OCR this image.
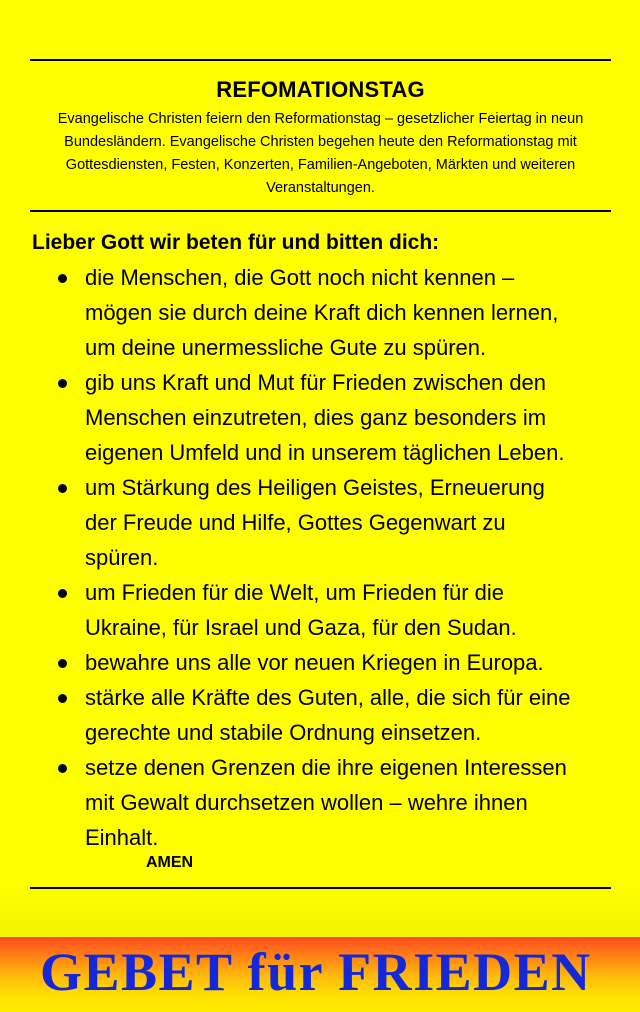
REFOMATIONSTAG

Evangelische Christen feiern den Reformationstag – gesetzlicher Feiertag in neun
Bundesländern. Evangelische Christen begehen heute den Reformationstag mit
Gottesdiensten, Festen, Konzerten, Familien-Angeboten, Märkten und weiteren
Veranstaltungen.

Lieber Gott wir beten für und bitten dich:

die Menschen, die Gott noch nicht kennen –
mögen sie durch deine Kraft dich kennen lernen,
um deine unermessliche Gute zu spüren.
gib uns Kraft und Mut für Frieden zwischen den
Menschen einzutreten, dies ganz besonders im
eigenen Umfeld und in unserem täglichen Leben.
um Stärkung des Heiligen Geistes, Erneuerung
der Freude und Hilfe, Gottes Gegenwart zu
spüren.
um Frieden für die Welt, um Frieden für die
Ukraine, für Israel und Gaza, für den Sudan.
bewahre uns alle vor neuen Kriegen in Europa.
stärke alle Kräfte des Guten, alle, die sich für eine
gerechte und stabile Ordnung einsetzen.
setze denen Grenzen die ihre eigenen Interessen
mit Gewalt durchsetzen wollen – wehre ihnen
Einhalt.
AMEN
GEBET für FRIEDEN
